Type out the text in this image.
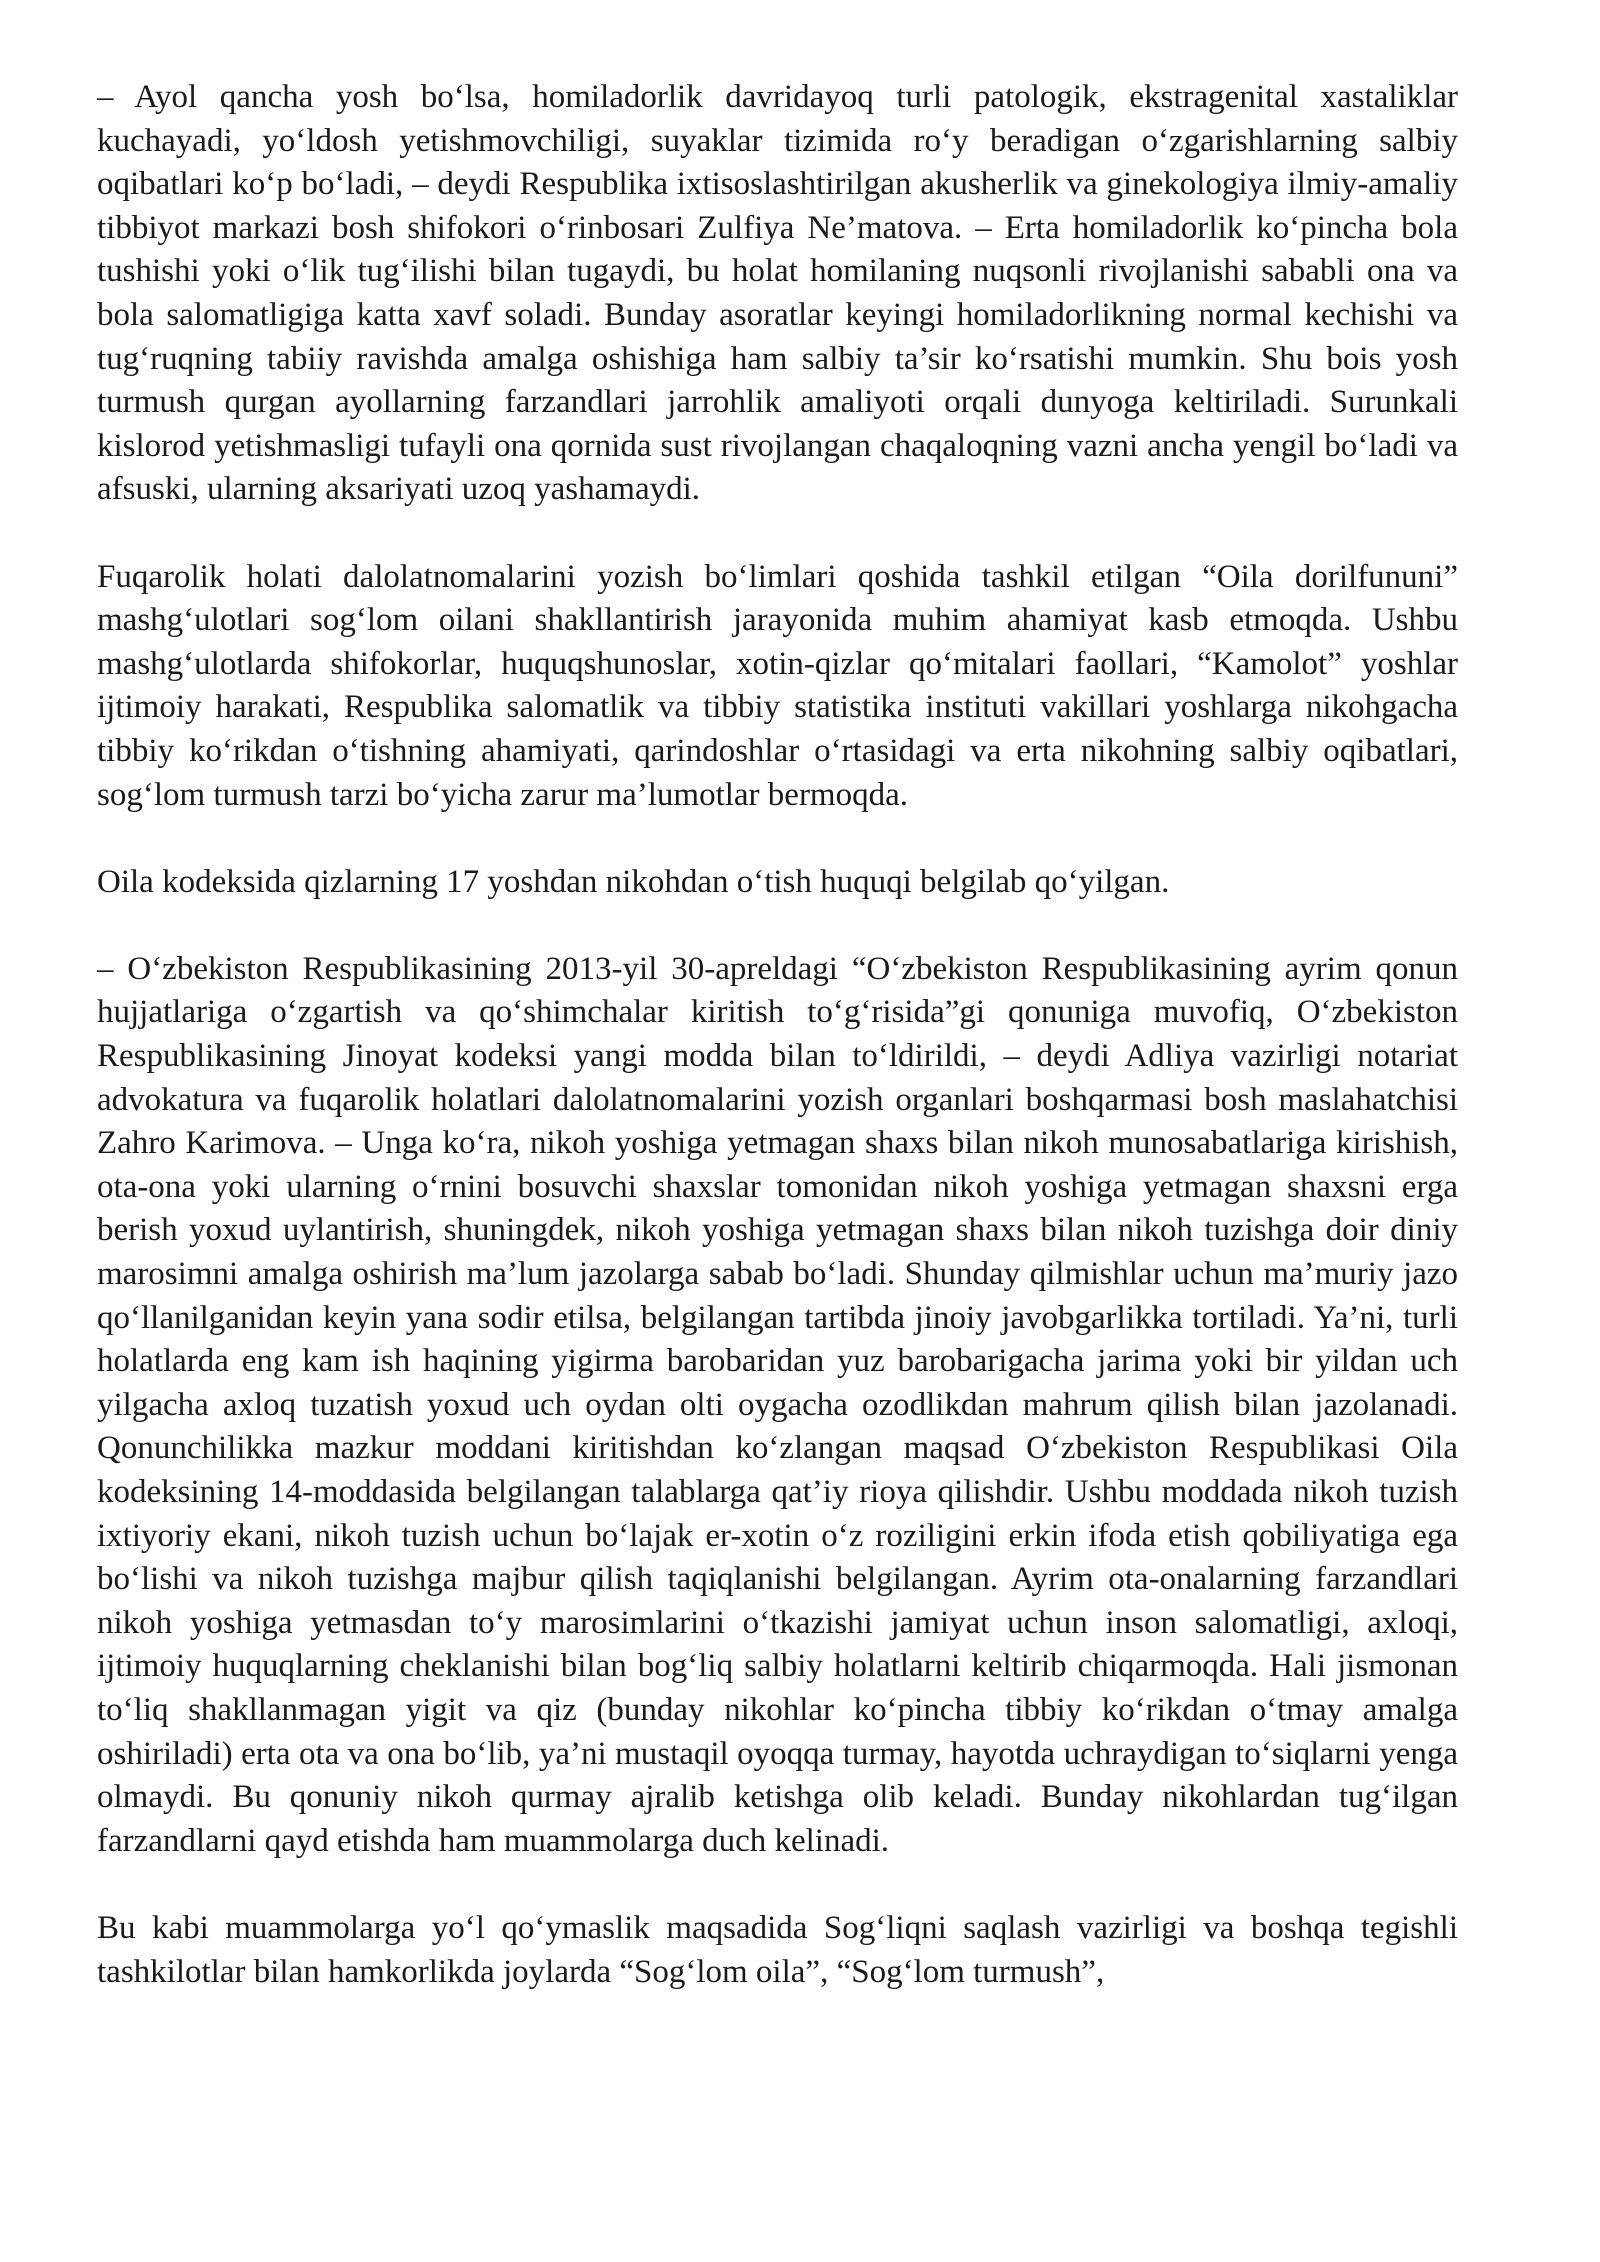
– Ayol qancha yosh bo‘lsa, homiladorlik davridayoq turli patologik, ekstragenital xastaliklar kuchayadi, yo‘ldosh yetishmovchiligi, suyaklar tizimida ro‘y beradigan o‘zgarishlarning salbiy oqibatlari ko‘p bo‘ladi, – deydi Respublika ixtisoslashtirilgan akusherlik va ginekologiya ilmiy-amaliy tibbiyot markazi bosh shifokori o‘rinbosari Zulfiya Ne’matova. – Erta homiladorlik ko‘pincha bola tushishi yoki o‘lik tug‘ilishi bilan tugaydi, bu holat homilaning nuqsonli rivojlanishi sababli ona va bola salomatligiga katta xavf soladi. Bunday asoratlar keyingi homiladorlikning normal kechishi va tug‘ruqning tabiiy ravishda amalga oshishiga ham salbiy ta’sir ko‘rsatishi mumkin. Shu bois yosh turmush qurgan ayollarning farzandlari jarrohlik amaliyoti orqali dunyoga keltiriladi. Surunkali kislorod yetishmasligi tufayli ona qornida sust rivojlangan chaqaloqning vazni ancha yengil bo‘ladi va afsuski, ularning aksariyati uzoq yashamaydi.

Fuqarolik holati dalolatnomalarini yozish bo‘limlari qoshida tashkil etilgan “Oila dorilfununi” mashg‘ulotlari sog‘lom oilani shakllantirish jarayonida muhim ahamiyat kasb etmoqda. Ushbu mashg‘ulotlarda shifokorlar, huquqshunoslar, xotin-qizlar qo‘mitalari faollari, “Kamolot” yoshlar ijtimoiy harakati, Respublika salomatlik va tibbiy statistika instituti vakillari yoshlarga nikohgacha tibbiy ko‘rikdan o‘tishning ahamiyati, qarindoshlar o‘rtasidagi va erta nikohning salbiy oqibatlari, sog‘lom turmush tarzi bo‘yicha zarur ma’lumotlar bermoqda.

Oila kodeksida qizlarning 17 yoshdan nikohdan o‘tish huquqi belgilab qo‘yilgan.

– O‘zbekiston Respublikasining 2013-yil 30-apreldagi “O‘zbekiston Respublikasining ayrim qonun hujjatlariga o‘zgartish va qo‘shimchalar kiritish to‘g‘risida”gi qonuniga muvofiq, O‘zbekiston Respublikasining Jinoyat kodeksi yangi modda bilan to‘ldirildi, – deydi Adliya vazirligi notariat advokatura va fuqarolik holatlari dalolatnomalarini yozish organlari boshqarmasi bosh maslahatchisi Zahro Karimova. – Unga ko‘ra, nikoh yoshiga yetmagan shaxs bilan nikoh munosabatlariga kirishish, ota-ona yoki ularning o‘rnini bosuvchi shaxslar tomonidan nikoh yoshiga yetmagan shaxsni erga berish yoxud uylantirish, shuningdek, nikoh yoshiga yetmagan shaxs bilan nikoh tuzishga doir diniy marosimni amalga oshirish ma’lum jazolarga sabab bo‘ladi. Shunday qilmishlar uchun ma’muriy jazo qo‘llanilganidan keyin yana sodir etilsa, belgilangan tartibda jinoiy javobgarlikka tortiladi. Ya’ni, turli holatlarda eng kam ish haqining yigirma barobaridan yuz barobarigacha jarima yoki bir yildan uch yilgacha axloq tuzatish yoxud uch oydan olti oygacha ozodlikdan mahrum qilish bilan jazolanadi. Qonunchilikka mazkur moddani kiritishdan ko‘zlangan maqsad O‘zbekiston Respublikasi Oila kodeksining 14-moddasida belgilangan talablarga qat’iy rioya qilishdir. Ushbu moddada nikoh tuzish ixtiyoriy ekani, nikoh tuzish uchun bo‘lajak er-xotin o‘z roziligini erkin ifoda etish qobiliyatiga ega bo‘lishi va nikoh tuzishga majbur qilish taqiqlanishi belgilangan. Ayrim ota-onalarning farzandlari nikoh yoshiga yetmasdan to‘y marosimlarini o‘tkazishi jamiyat uchun inson salomatligi, axloqi, ijtimoiy huquqlarning cheklanishi bilan bog‘liq salbiy holatlarni keltirib chiqarmoqda. Hali jismonan to‘liq shakllanmagan yigit va qiz (bunday nikohlar ko‘pincha tibbiy ko‘rikdan o‘tmay amalga oshiriladi) erta ota va ona bo‘lib, ya’ni mustaqil oyoqqa turmay, hayotda uchraydigan to‘siqlarni yenga olmaydi. Bu qonuniy nikoh qurmay ajralib ketishga olib keladi. Bunday nikohlardan tug‘ilgan farzandlarni qayd etishda ham muammolarga duch kelinadi.

Bu kabi muammolarga yo‘l qo‘ymaslik maqsadida Sog‘liqni saqlash vazirligi va boshqa tegishli tashkilotlar bilan hamkorlikda joylarda “Sog‘lom oila”, “Sog‘lom turmush”,
